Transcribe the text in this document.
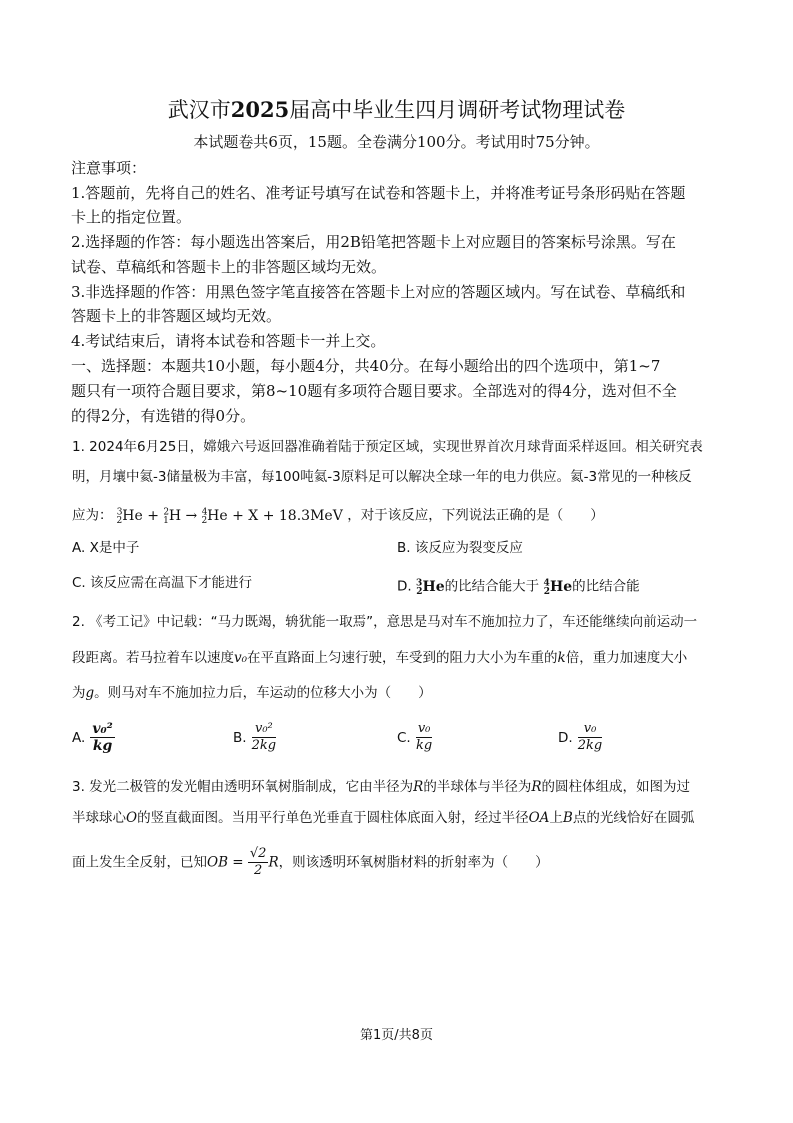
武汉市2025届高中毕业生四月调研考试物理试卷
本试题卷共6页，15题。全卷满分100分。考试用时75分钟。
注意事项：
1.答题前，先将自己的姓名、准考证号填写在试卷和答题卡上，并将准考证号条形码贴在答题
卡上的指定位置。
2.选择题的作答：每小题选出答案后，用2B铅笔把答题卡上对应题目的答案标号涂黑。写在
试卷、草稿纸和答题卡上的非答题区域均无效。
3.非选择题的作答：用黑色签字笔直接答在答题卡上对应的答题区域内。写在试卷、草稿纸和
答题卡上的非答题区域均无效。
4.考试结束后，请将本试卷和答题卡一并上交。
一、选择题：本题共10小题，每小题4分，共40分。在每小题给出的四个选项中，第1~7
题只有一项符合题目要求，第8~10题有多项符合题目要求。全部选对的得4分，选对但不全
的得2分，有选错的得0分。
1. 2024年6月25日，嫦娥六号返回器准确着陆于预定区域，实现世界首次月球背面采样返回。相关研究表
明，月壤中氦-3储量极为丰富，每100吨氦-3原料足可以解决全球一年的电力供应。氦-3常见的一种核反
应为： $^3_2$He + $^2_1$H → $^4_2$He + X + 18.3MeV ，对于该反应，下列说法正确的是（　　）
A. X是中子	B. 该反应为裂变反应
C. 该反应需在高温下才能进行	D. $^3_2$He的比结合能大于 $^4_2$He的比结合能
2. 《考工记》中记载：“马力既竭，辀犹能一取焉”，意思是马对车不施加拉力了，车还能继续向前运动一
段距离。若马拉着车以速度v₀在平直路面上匀速行驶，车受到的阻力大小为车重的k倍，重力加速度大小
为g。则马对车不施加拉力后，车运动的位移大小为（　　）
A. $\frac{\text{v₀²}}{kg}$	B. $\frac{\text{v₀²}}{2kg}$	C. $\frac{\text{v₀}}{kg}$	D. $\frac{\text{v₀}}{2kg}$
3. 发光二极管的发光帽由透明环氧树脂制成，它由半径为R的半球体与半径为R的圆柱体组成，如图为过
半球球心O的竖直截面图。当用平行单色光垂直于圆柱体底面入射，经过半径OA上B点的光线恰好在圆弧
面上发生全反射，已知OB = $\frac{√2}{2}$ R，则该透明环氧树脂材料的折射率为（　　）
第1页/共8页
